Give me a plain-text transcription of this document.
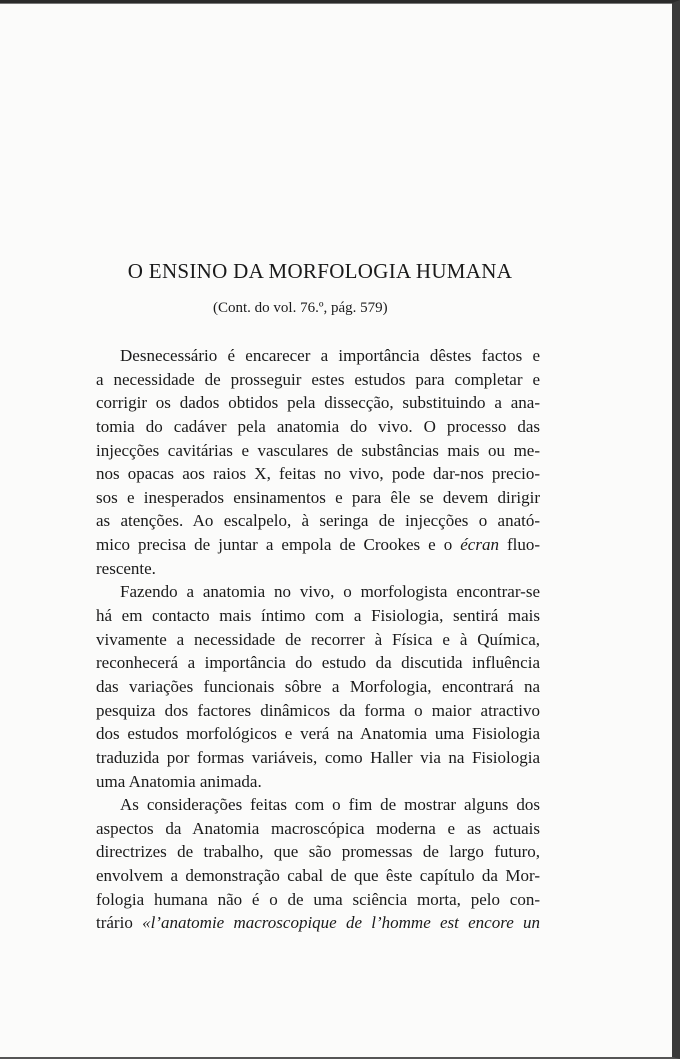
O ENSINO DA MORFOLOGIA HUMANA

(Cont. do vol. 76.º, pág. 579)

Desnecessário é encarecer a importância dêstes factos e
a necessidade de prosseguir estes estudos para completar e
corrigir os dados obtidos pela dissecção, substituindo a ana-
tomia do cadáver pela anatomia do vivo. O processo das
injecções cavitárias e vasculares de substâncias mais ou me-
nos opacas aos raios X, feitas no vivo, pode dar-nos precio-
sos e inesperados ensinamentos e para êle se devem dirigir
as atenções. Ao escalpelo, à seringa de injecções o anató-
mico precisa de juntar a empola de Crookes e o écran fluo-
rescente.
Fazendo a anatomia no vivo, o morfologista encontrar-se
há em contacto mais íntimo com a Fisiologia, sentirá mais
vivamente a necessidade de recorrer à Física e à Química,
reconhecerá a importância do estudo da discutida influência
das variações funcionais sôbre a Morfologia, encontrará na
pesquiza dos factores dinâmicos da forma o maior atractivo
dos estudos morfológicos e verá na Anatomia uma Fisiologia
traduzida por formas variáveis, como Haller via na Fisiologia
uma Anatomia animada.
As considerações feitas com o fim de mostrar alguns dos
aspectos da Anatomia macroscópica moderna e as actuais
directrizes de trabalho, que são promessas de largo futuro,
envolvem a demonstração cabal de que êste capítulo da Mor-
fologia humana não é o de uma sciência morta, pelo con-
trário «l’anatomie macroscopique de l’homme est encore un
